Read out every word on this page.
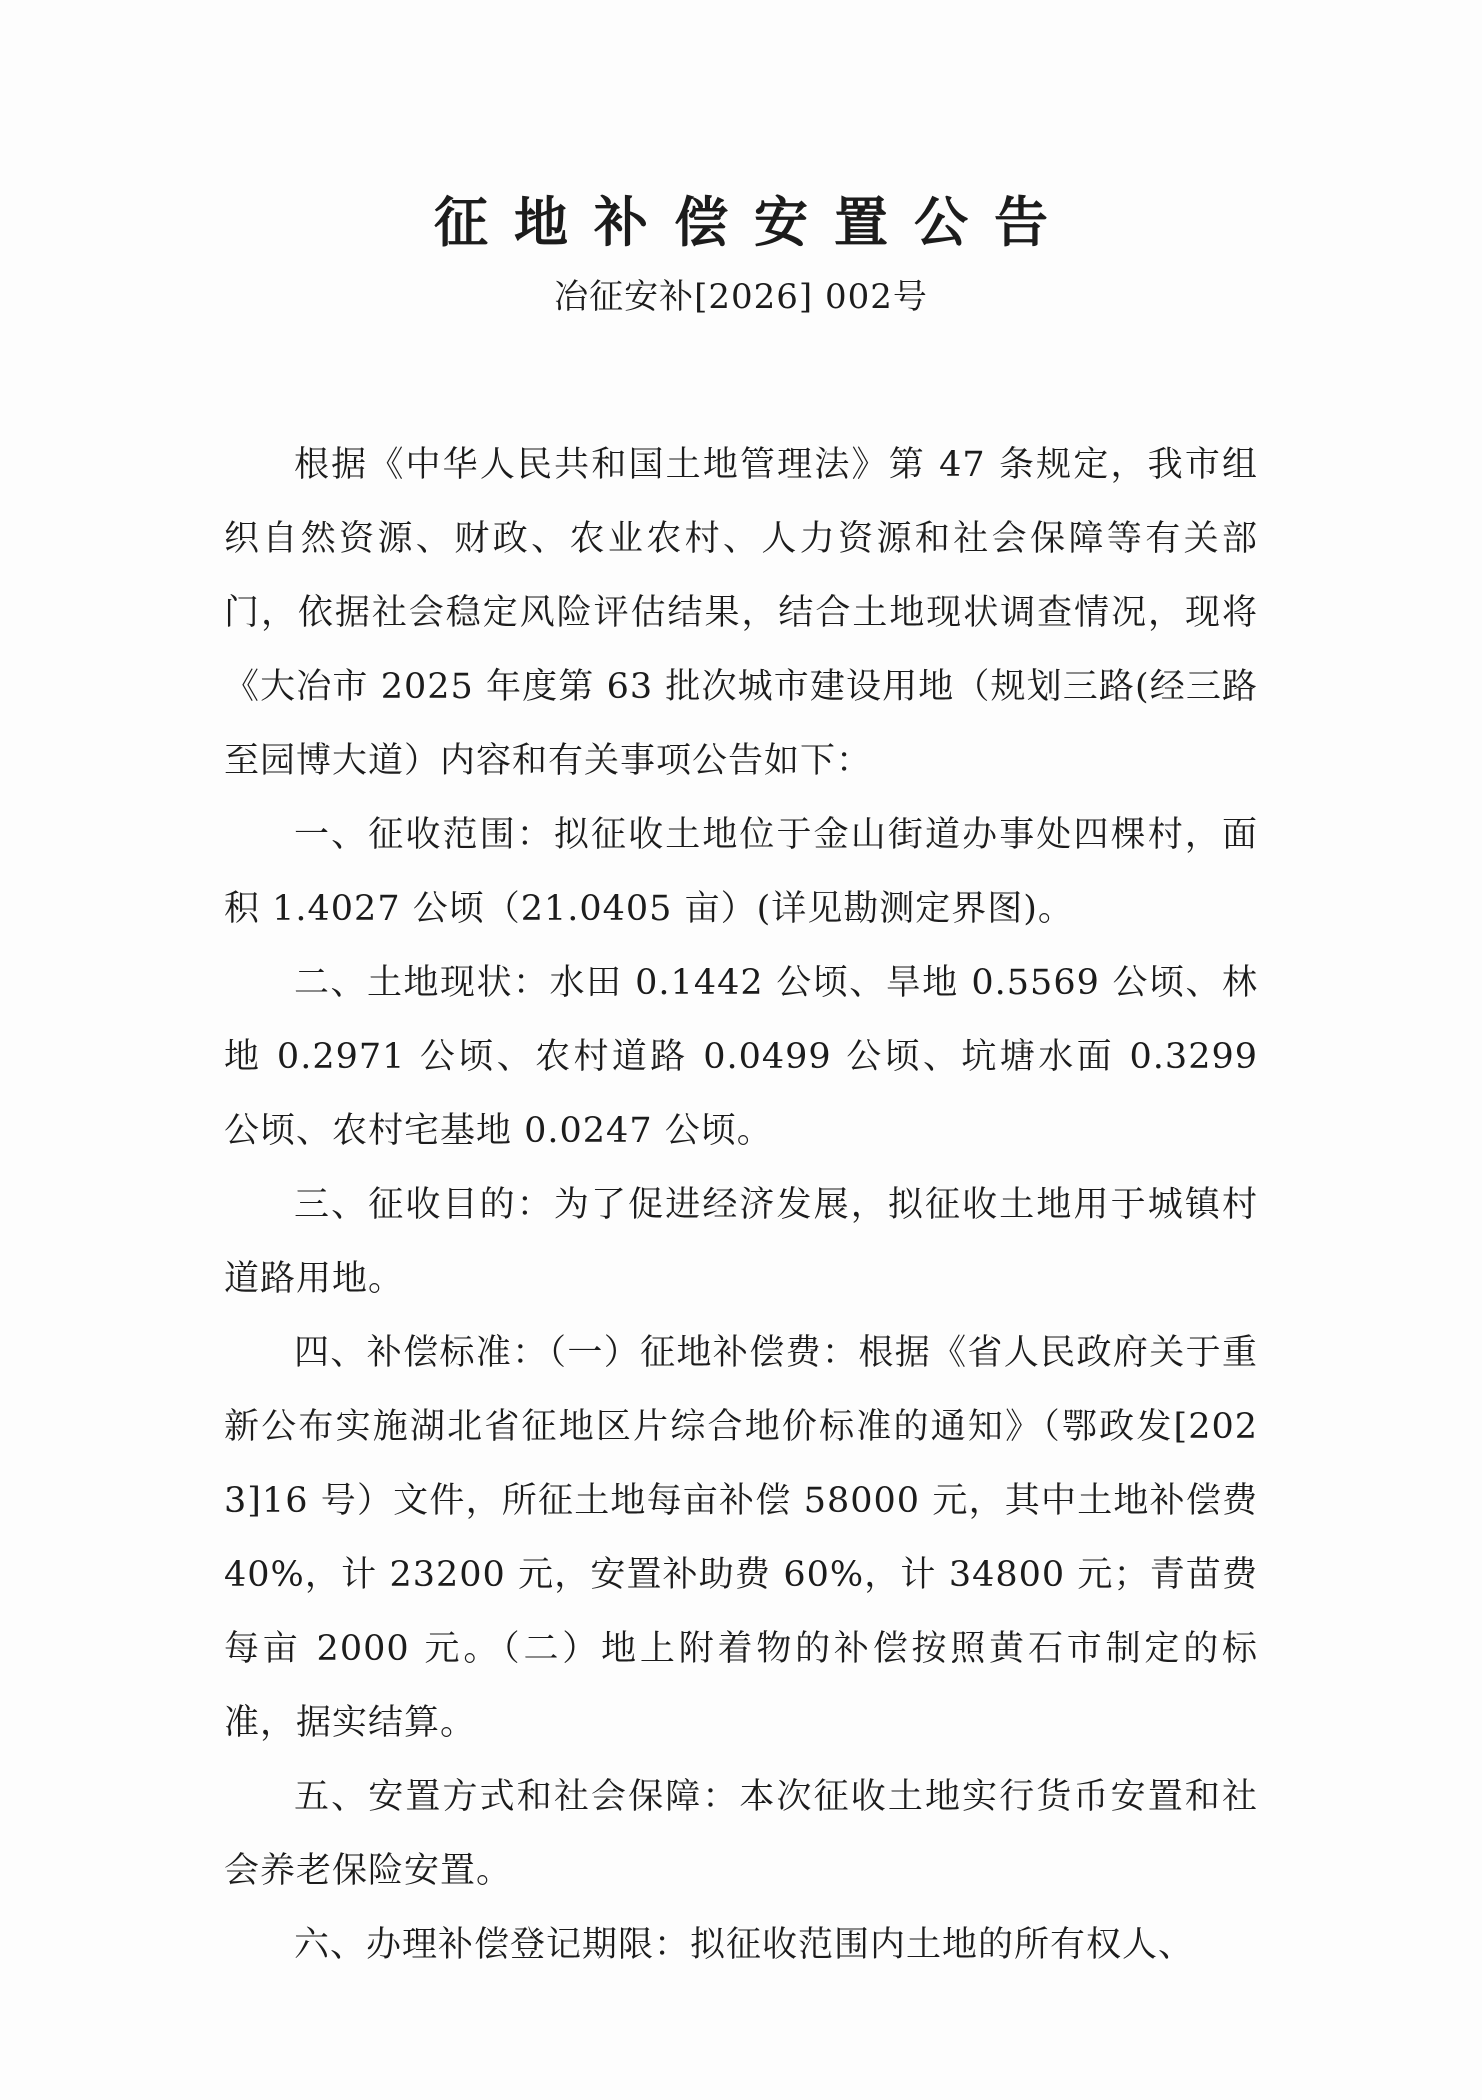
征地补偿安置公告
冶征安补[2026] 002号

根据《中华人民共和国土地管理法》第 47 条规定，我市组织自然资源、财政、农业农村、人力资源和社会保障等有关部门，依据社会稳定风险评估结果，结合土地现状调查情况，现将《大冶市 2025 年度第 63 批次城市建设用地（规划三路(经三路至园博大道）内容和有关事项公告如下：

一、征收范围：拟征收土地位于金山街道办事处四棵村，面积 1.4027 公顷（21.0405 亩）(详见勘测定界图)。

二、土地现状：水田 0.1442 公顷、旱地 0.5569 公顷、林地 0.2971 公顷、农村道路 0.0499 公顷、坑塘水面 0.3299 公顷、农村宅基地 0.0247 公顷。

三、征收目的：为了促进经济发展，拟征收土地用于城镇村道路用地。

四、补偿标准：（一）征地补偿费：根据《省人民政府关于重新公布实施湖北省征地区片综合地价标准的通知》（鄂政发[2023]16 号）文件，所征土地每亩补偿 58000 元，其中土地补偿费 40%，计 23200 元，安置补助费 60%，计 34800 元；青苗费每亩 2000 元。（二）地上附着物的补偿按照黄石市制定的标准，据实结算。

五、安置方式和社会保障：本次征收土地实行货币安置和社会养老保险安置。

六、办理补偿登记期限：拟征收范围内土地的所有权人、
